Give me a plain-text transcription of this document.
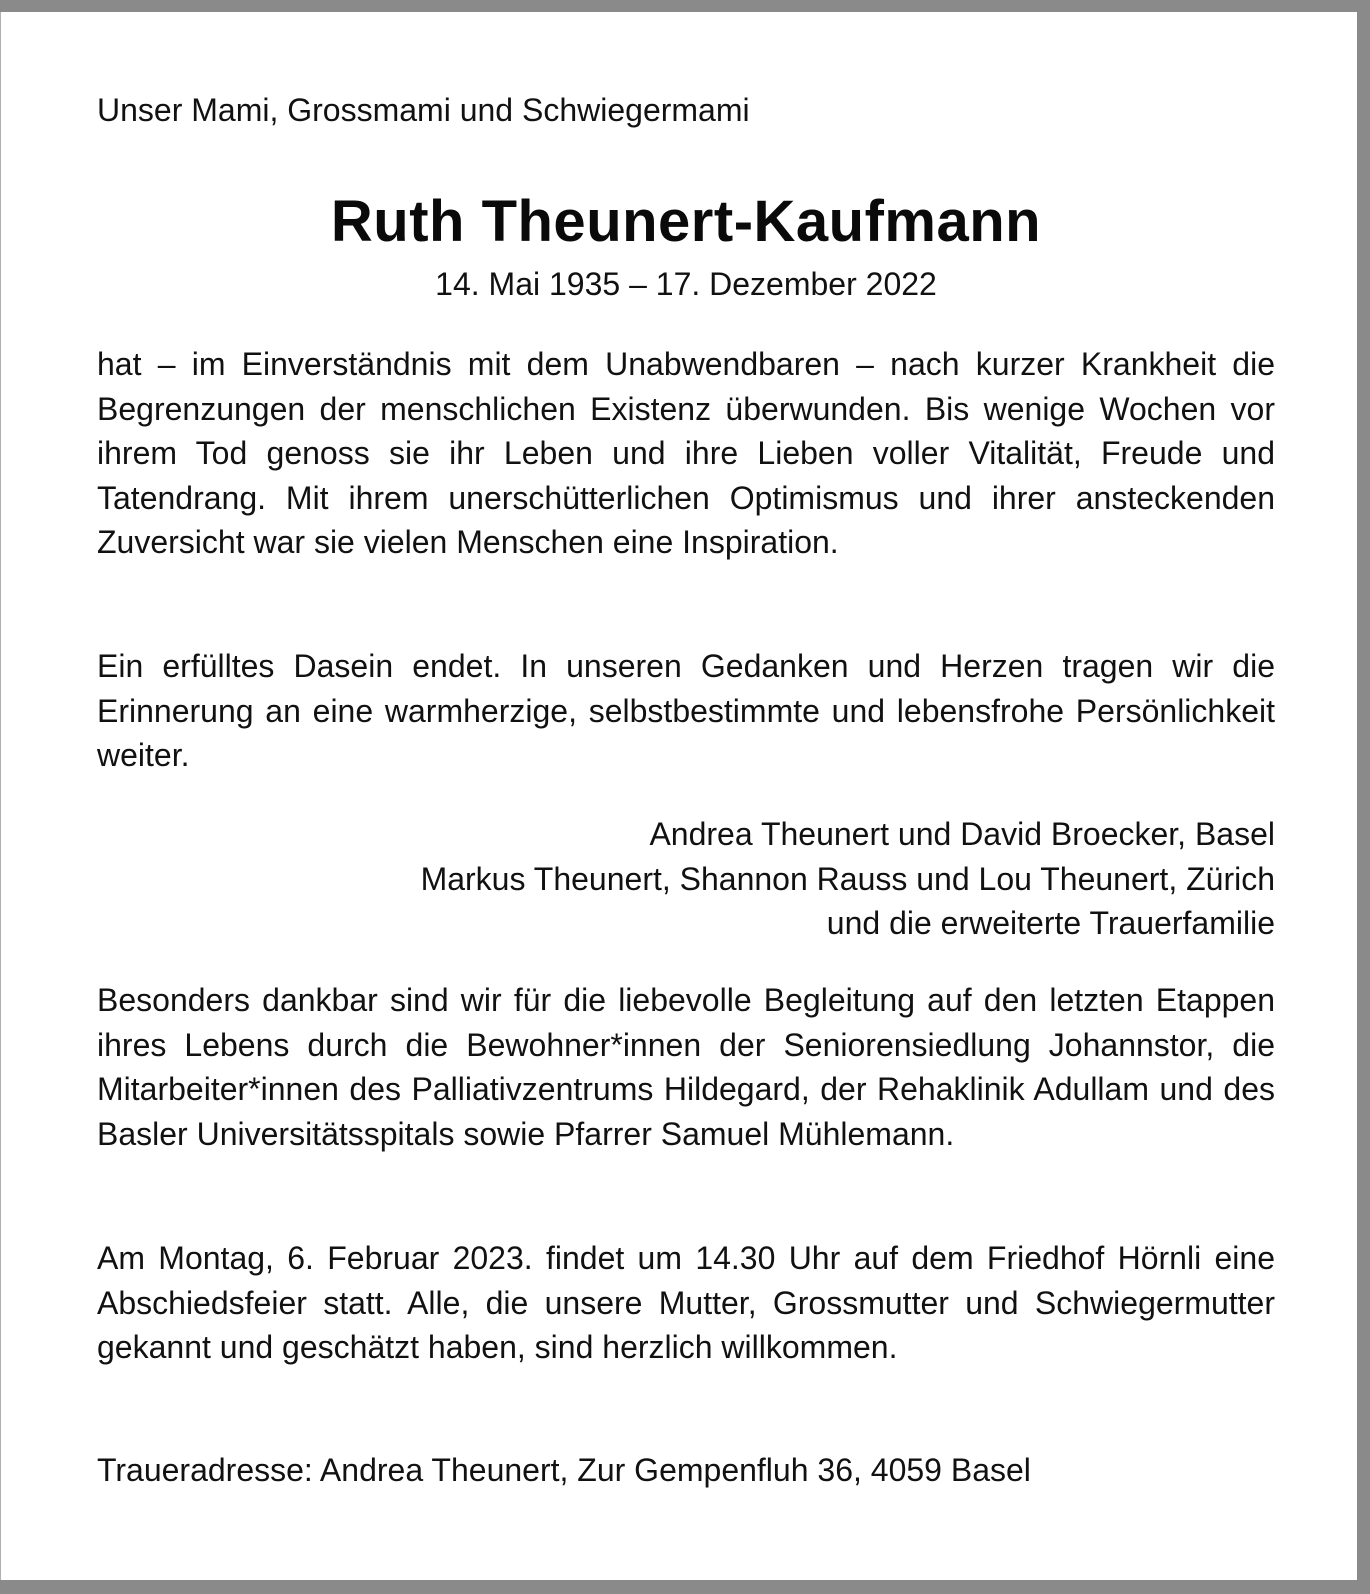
Unser Mami, Grossmami und Schwiegermami
Ruth Theunert-Kaufmann
14. Mai 1935 – 17. Dezember 2022

hat – im Einverständnis mit dem Unabwendbaren – nach kurzer Krankheit die Begrenzungen der menschlichen Existenz überwunden. Bis wenige Wochen vor ihrem Tod genoss sie ihr Leben und ihre Lieben voller Vitalität, Freude und Tatendrang. Mit ihrem unerschütterlichen Optimismus und ihrer ansteckenden Zuversicht war sie vielen Menschen eine Inspiration.

Ein erfülltes Dasein endet. In unseren Gedanken und Herzen tragen wir die Erinnerung an eine warmherzige, selbstbestimmte und lebensfrohe Persönlichkeit weiter.

Andrea Theunert und David Broecker, Basel
Markus Theunert, Shannon Rauss und Lou Theunert, Zürich
und die erweiterte Trauerfamilie

Besonders dankbar sind wir für die liebevolle Begleitung auf den letzten Etappen ihres Lebens durch die Bewohner*innen der Seniorensiedlung Johannstor, die Mitarbeiter*innen des Palliativzentrums Hildegard, der Rehaklinik Adullam und des Basler Universitätsspitals sowie Pfarrer Samuel Mühlemann.

Am Montag, 6. Februar 2023. findet um 14.30 Uhr auf dem Friedhof Hörnli eine Abschiedsfeier statt. Alle, die unsere Mutter, Grossmutter und Schwiegermutter gekannt und geschätzt haben, sind herzlich willkommen.

Traueradresse: Andrea Theunert, Zur Gempenfluh 36, 4059 Basel
